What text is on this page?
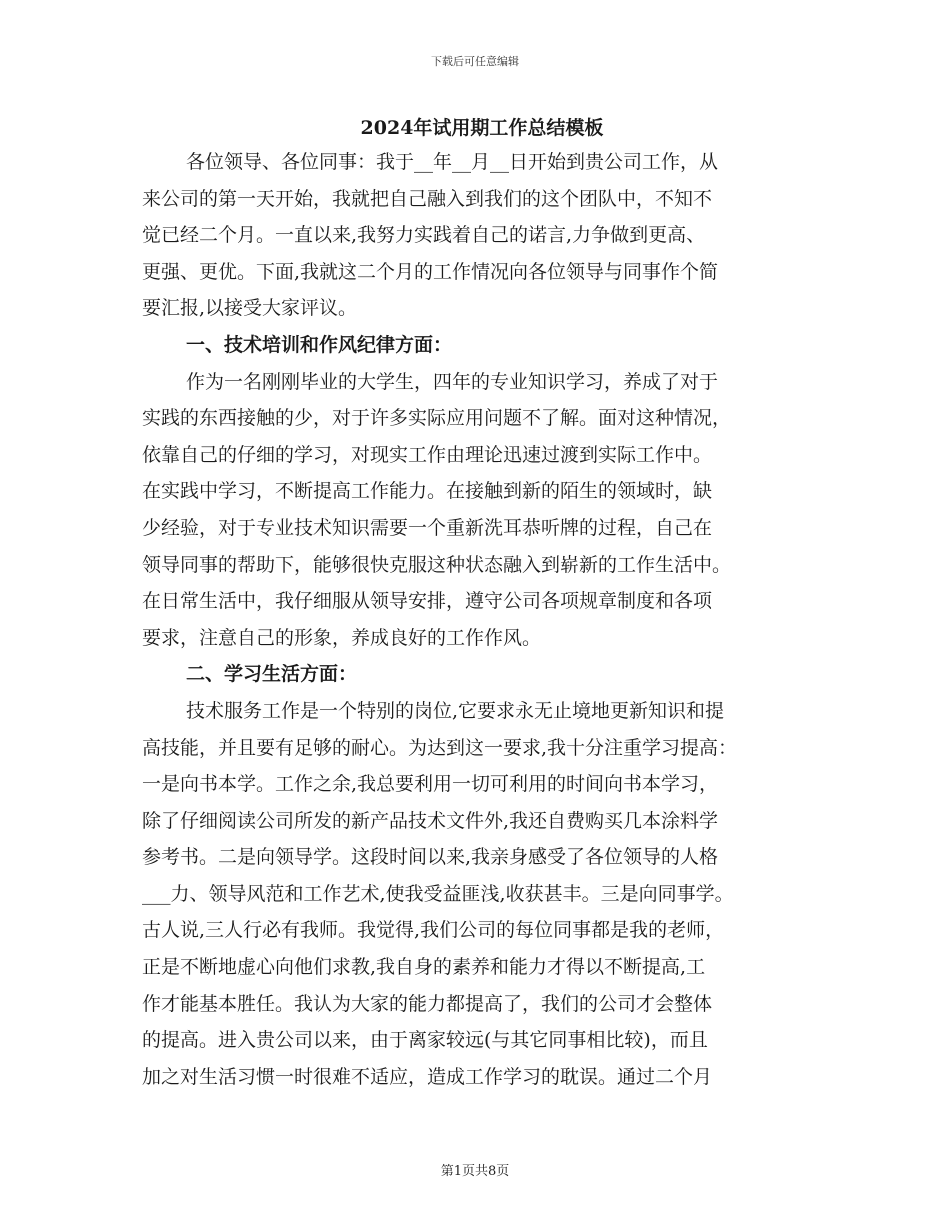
下载后可任意编辑
2024年试用期工作总结模板
各位领导、各位同事：我于__年__月__日开始到贵公司工作，从
来公司的第一天开始，我就把自己融入到我们的这个团队中，不知不
觉已经二个月。一直以来,我努力实践着自己的诺言,力争做到更高、
更强、更优。下面,我就这二个月的工作情况向各位领导与同事作个简
要汇报,以接受大家评议。
一、技术培训和作风纪律方面：
作为一名刚刚毕业的大学生，四年的专业知识学习，养成了对于
实践的东西接触的少，对于许多实际应用问题不了解。面对这种情况，
依靠自己的仔细的学习，对现实工作由理论迅速过渡到实际工作中。
在实践中学习，不断提高工作能力。在接触到新的陌生的领域时，缺
少经验，对于专业技术知识需要一个重新洗耳恭听牌的过程，自己在
领导同事的帮助下，能够很快克服这种状态融入到崭新的工作生活中。
在日常生活中，我仔细服从领导安排，遵守公司各项规章制度和各项
要求，注意自己的形象，养成良好的工作作风。
二、学习生活方面：
技术服务工作是一个特别的岗位,它要求永无止境地更新知识和提
高技能，并且要有足够的耐心。为达到这一要求,我十分注重学习提高：
一是向书本学。工作之余,我总要利用一切可利用的时间向书本学习，
除了仔细阅读公司所发的新产品技术文件外,我还自费购买几本涂料学
参考书。二是向领导学。这段时间以来,我亲身感受了各位领导的人格
___力、领导风范和工作艺术,使我受益匪浅,收获甚丰。三是向同事学。
古人说,三人行必有我师。我觉得,我们公司的每位同事都是我的老师，
正是不断地虚心向他们求教,我自身的素养和能力才得以不断提高,工
作才能基本胜任。我认为大家的能力都提高了，我们的公司才会整体
的提高。进入贵公司以来，由于离家较远(与其它同事相比较)，而且
加之对生活习惯一时很难不适应，造成工作学习的耽误。通过二个月
第1页共8页
